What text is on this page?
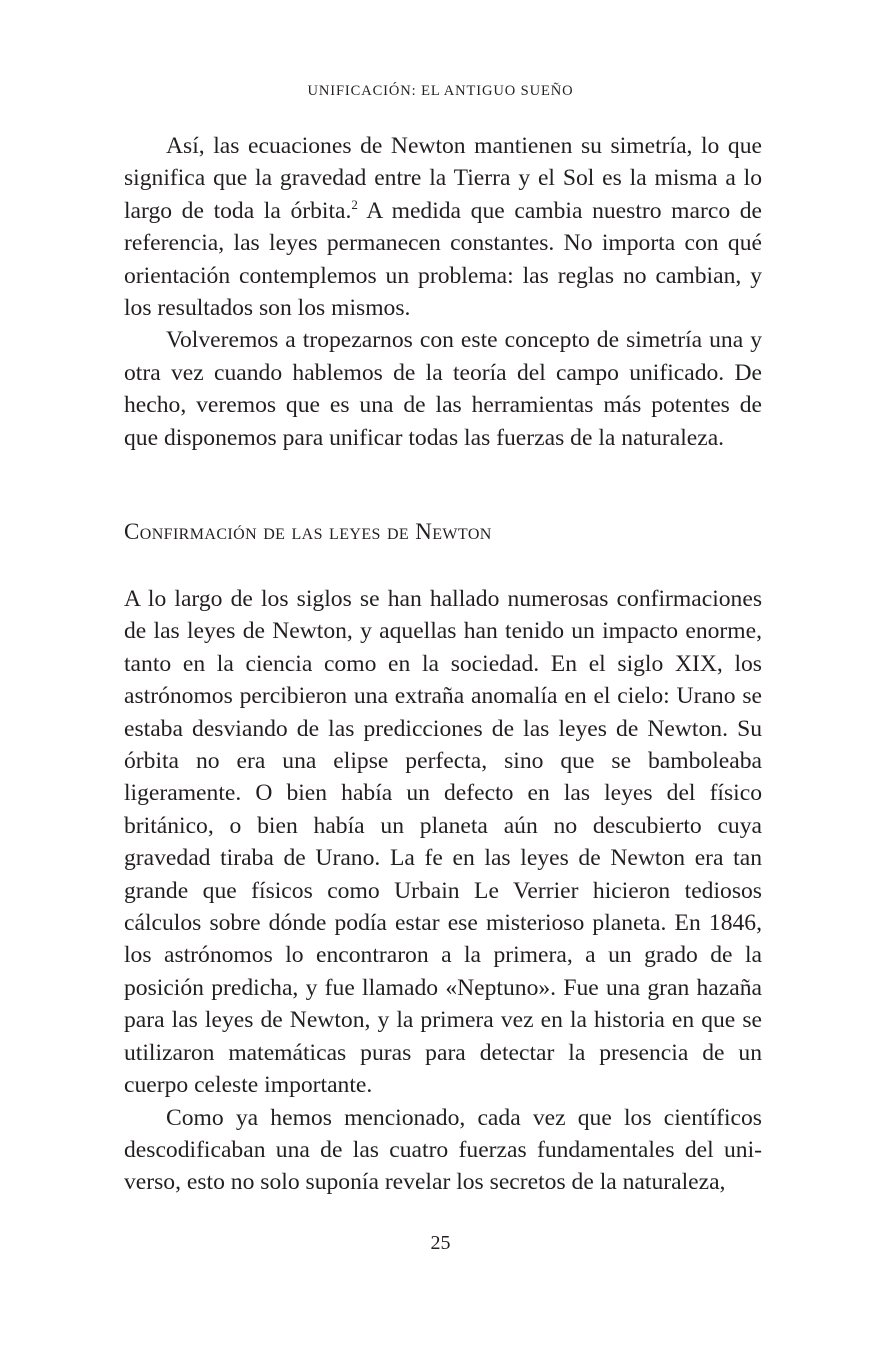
UNIFICACIÓN: EL ANTIGUO SUEÑO

Así, las ecuaciones de Newton mantienen su simetría, lo que significa que la gravedad entre la Tierra y el Sol es la misma a lo largo de toda la órbita.$^2$ A medida que cambia nuestro marco de referencia, las leyes permanecen constantes. No importa con qué orientación contemplemos un problema: las reglas no cambian, y los resultados son los mismos.

Volveremos a tropezarnos con este concepto de simetría una y otra vez cuando hablemos de la teoría del campo unificado. De hecho, veremos que es una de las herramientas más potentes de que disponemos para unificar todas las fuerzas de la naturaleza.

Confirmación de las leyes de Newton

A lo largo de los siglos se han hallado numerosas confirmaciones de las leyes de Newton, y aquellas han tenido un impacto enorme, tanto en la ciencia como en la sociedad. En el siglo XIX, los astrónomos percibieron una extraña anomalía en el cielo: Urano se estaba desviando de las predicciones de las leyes de Newton. Su órbita no era una elipse perfecta, sino que se bamboleaba ligeramente. O bien había un defecto en las leyes del físico británico, o bien había un planeta aún no descubierto cuya gravedad tiraba de Urano. La fe en las leyes de Newton era tan grande que físicos como Urbain Le Verrier hicieron tediosos cálculos sobre dónde podía estar ese misterioso planeta. En 1846, los astrónomos lo encontraron a la primera, a un grado de la posición predicha, y fue llamado «Neptuno». Fue una gran hazaña para las leyes de Newton, y la primera vez en la historia en que se utilizaron matemáticas puras para detectar la presencia de un cuerpo celeste importante.

Como ya hemos mencionado, cada vez que los científicos descodificaban una de las cuatro fuerzas fundamentales del universo, esto no solo suponía revelar los secretos de la naturaleza,

25
